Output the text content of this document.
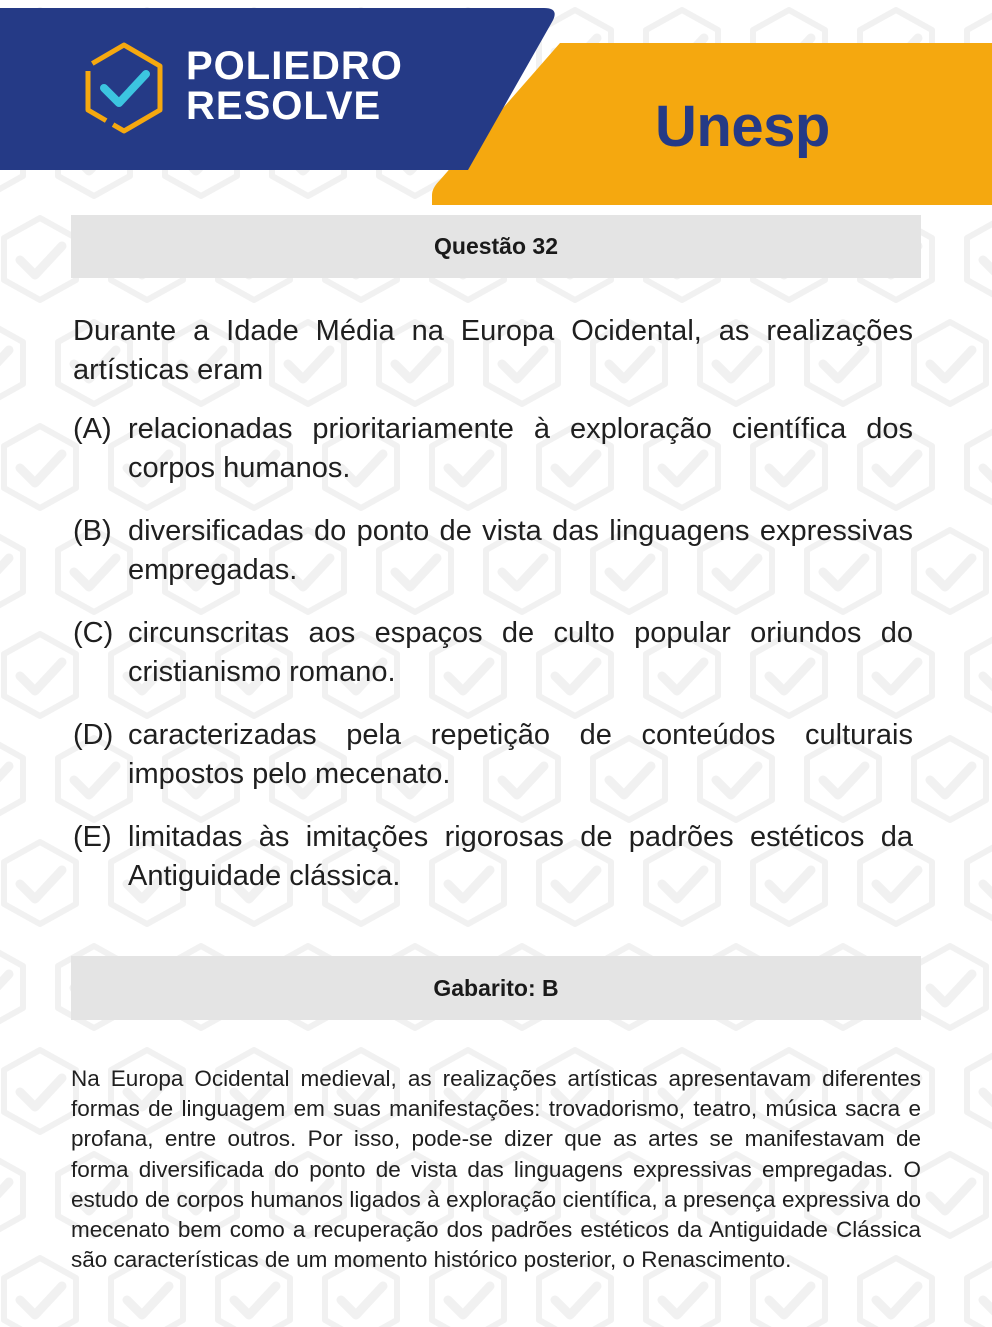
POLIEDRO
RESOLVE	Unesp
Questão 32

Durante a Idade Média na Europa Ocidental, as realizações artísticas eram

(A) relacionadas prioritariamente à exploração científica dos corpos humanos.
(B) diversificadas do ponto de vista das linguagens expressivas empregadas.
(C) circunscritas aos espaços de culto popular oriundos do cristianismo romano.
(D) caracterizadas pela repetição de conteúdos culturais impostos pelo mecenato.
(E) limitadas às imitações rigorosas de padrões estéticos da Antiguidade clássica.
Gabarito: B

Na Europa Ocidental medieval, as realizações artísticas apresentavam diferentes formas de linguagem em suas manifestações: trovadorismo, teatro, música sacra e profana, entre outros. Por isso, pode-se dizer que as artes se manifestavam de forma diversificada do ponto de vista das linguagens expressivas empregadas. O estudo de corpos humanos ligados à exploração científica, a presença expressiva do mecenato bem como a recuperação dos padrões estéticos da Antiguidade Clássica são características de um momento histórico posterior, o Renascimento.
